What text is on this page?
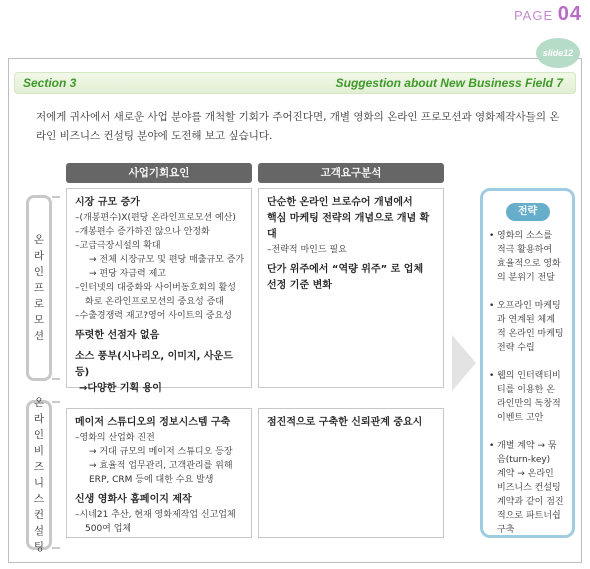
PAGE 04
slide12
Section 3	Suggestion about New Business Field 7
저에게 귀사에서 새로운 사업 분야를 개척할 기회가 주어진다면, 개별 영화의 온라인 프로모션과 영화제작사들의 온라인 비즈니스 컨설팅 분야에 도전해 보고 싶습니다.
사업기회요인	고객요구분석
온
라
인
프
로
모
션
온
라
인
비
즈
니
스
컨
설
팅
시장 규모 증가
–(개봉편수)X(편당 온라인프로모션 예산)
–개봉편수 증가하진 않으나 안정화
–고급극장시설의 확대
→ 전체 시장규모 및 편당 매출규모 증가
→ 편당 자금력 제고
–인터넷의 대중화와 사이버동호회의 활성
화로 온라인프로모션의 중요성 증대
–수출경쟁력 재고?영어 사이트의 중요성
뚜렷한 선점자 없음
소스 풍부(시나리오, 이미지, 사운드 등)
→다양한 기획 용이
단순한 온라인 브로슈어 개념에서
핵심 마케팅 전략의 개념으로 개념 확대
–전략적 마인드 필요
단가 위주에서 “역량 위주” 로 업체
선정 기준 변화
메이저 스튜디오의 정보시스템 구축
–영화의 산업화 진전
→ 거대 규모의 메이저 스튜디오 등장
→ 효율적 업무관리, 고객관리를 위해
ERP, CRM 등에 대한 수요 발생
신생 영화사 홈페이지 제작
–시네21 추산, 현재 영화제작업 신고업체
500여 업체
점진적으로 구축한 신뢰관계 중요시
전략
• 영화의 소스를
적극 활용하여
효율적으로 영화
의 분위기 전달
• 오프라인 마케팅
과 연계된 체계
적 온라인 마케팅
전략 수립
• 웹의 인터랙티비
티를 이용한 온
라인만의 독창적
이벤트 고안
• 개별 계약 → 묶
음(turn-key)
계약 → 온라인
비즈니스 컨설팅
계약과 같이 점진
적으로 파트너쉽
구축
